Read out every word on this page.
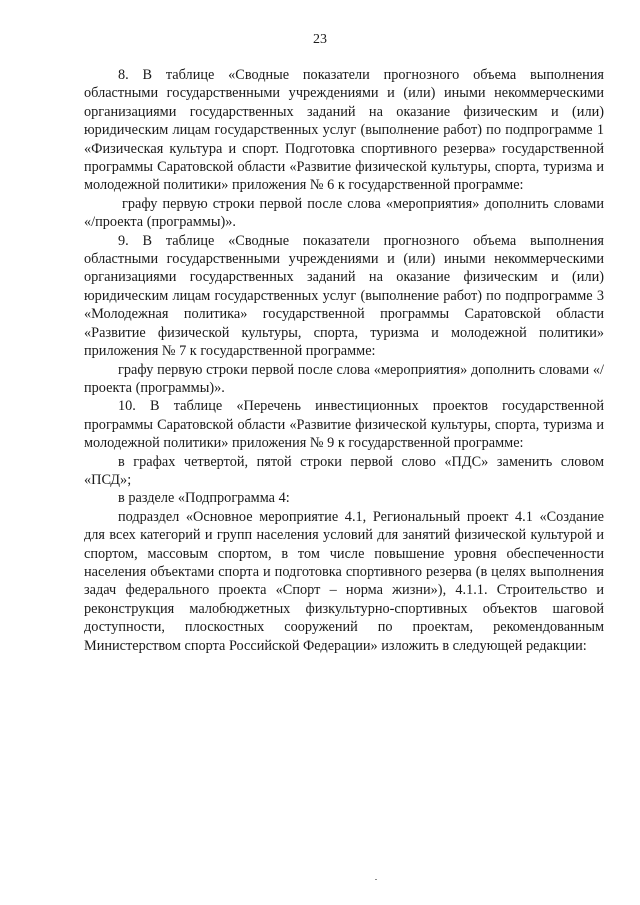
23

8. В таблице «Сводные показатели прогнозного объема выполнения областными государственными учреждениями и (или) иными некоммерческими организациями государственных заданий на оказание физическим и (или) юридическим лицам государственных услуг (выполнение работ) по подпрограмме 1 «Физическая культура и спорт. Подготовка спортивного резерва» государственной программы Саратовской области «Развитие физической культуры, спорта, туризма и молодежной политики» приложения № 6 к государственной программе:

графу первую строки первой после слова «мероприятия» дополнить словами «/проекта (программы)».

9. В таблице «Сводные показатели прогнозного объема выполнения областными государственными учреждениями и (или) иными некоммерческими организациями государственных заданий на оказание физическим и (или) юридическим лицам государственных услуг (выполнение работ) по подпрограмме 3 «Молодежная политика» государственной программы Саратовской области «Развитие физической культуры, спорта, туризма и молодежной политики» приложения № 7 к государственной программе:

графу первую строки первой после слова «мероприятия» дополнить словами «/проекта (программы)».

10. В таблице «Перечень инвестиционных проектов государственной программы Саратовской области «Развитие физической культуры, спорта, туризма и молодежной политики» приложения № 9 к государственной программе:

в графах четвертой, пятой строки первой слово «ПДС» заменить словом «ПСД»;

в разделе «Подпрограмма 4:

подраздел «Основное мероприятие 4.1, Региональный проект 4.1 «Создание для всех категорий и групп населения условий для занятий физической культурой и спортом, массовым спортом, в том числе повышение уровня обеспеченности населения объектами спорта и подготовка спортивного резерва (в целях выполнения задач федерального проекта «Спорт – норма жизни»), 4.1.1. Строительство и реконструкция малобюджетных физкультурно-спортивных объектов шаговой доступности, плоскостных сооружений по проектам, рекомендованным Министерством спорта Российской Федерации» изложить в следующей редакции:
